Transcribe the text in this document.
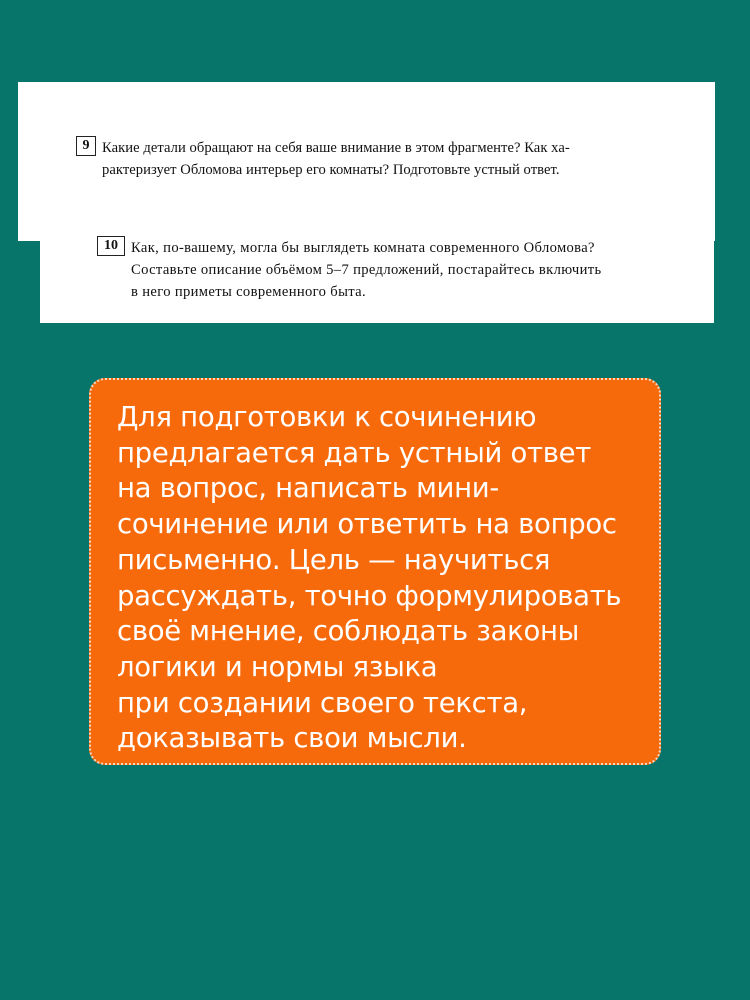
9 Какие детали обращают на себя ваше внимание в этом фрагменте? Как ха-
рактеризует Обломова интерьер его комнаты? Подготовьте устный ответ.
10 Как, по-вашему, могла бы выглядеть комната современного Обломова?
Составьте описание объёмом 5–7 предложений, постарайтесь включить
в него приметы современного быта.
Для подготовки к сочинению
предлагается дать устный ответ
на вопрос, написать мини-
сочинение или ответить на вопрос
письменно. Цель — научиться
рассуждать, точно формулировать
своё мнение, соблюдать законы
логики и нормы языка
при создании своего текста,
доказывать свои мысли.
